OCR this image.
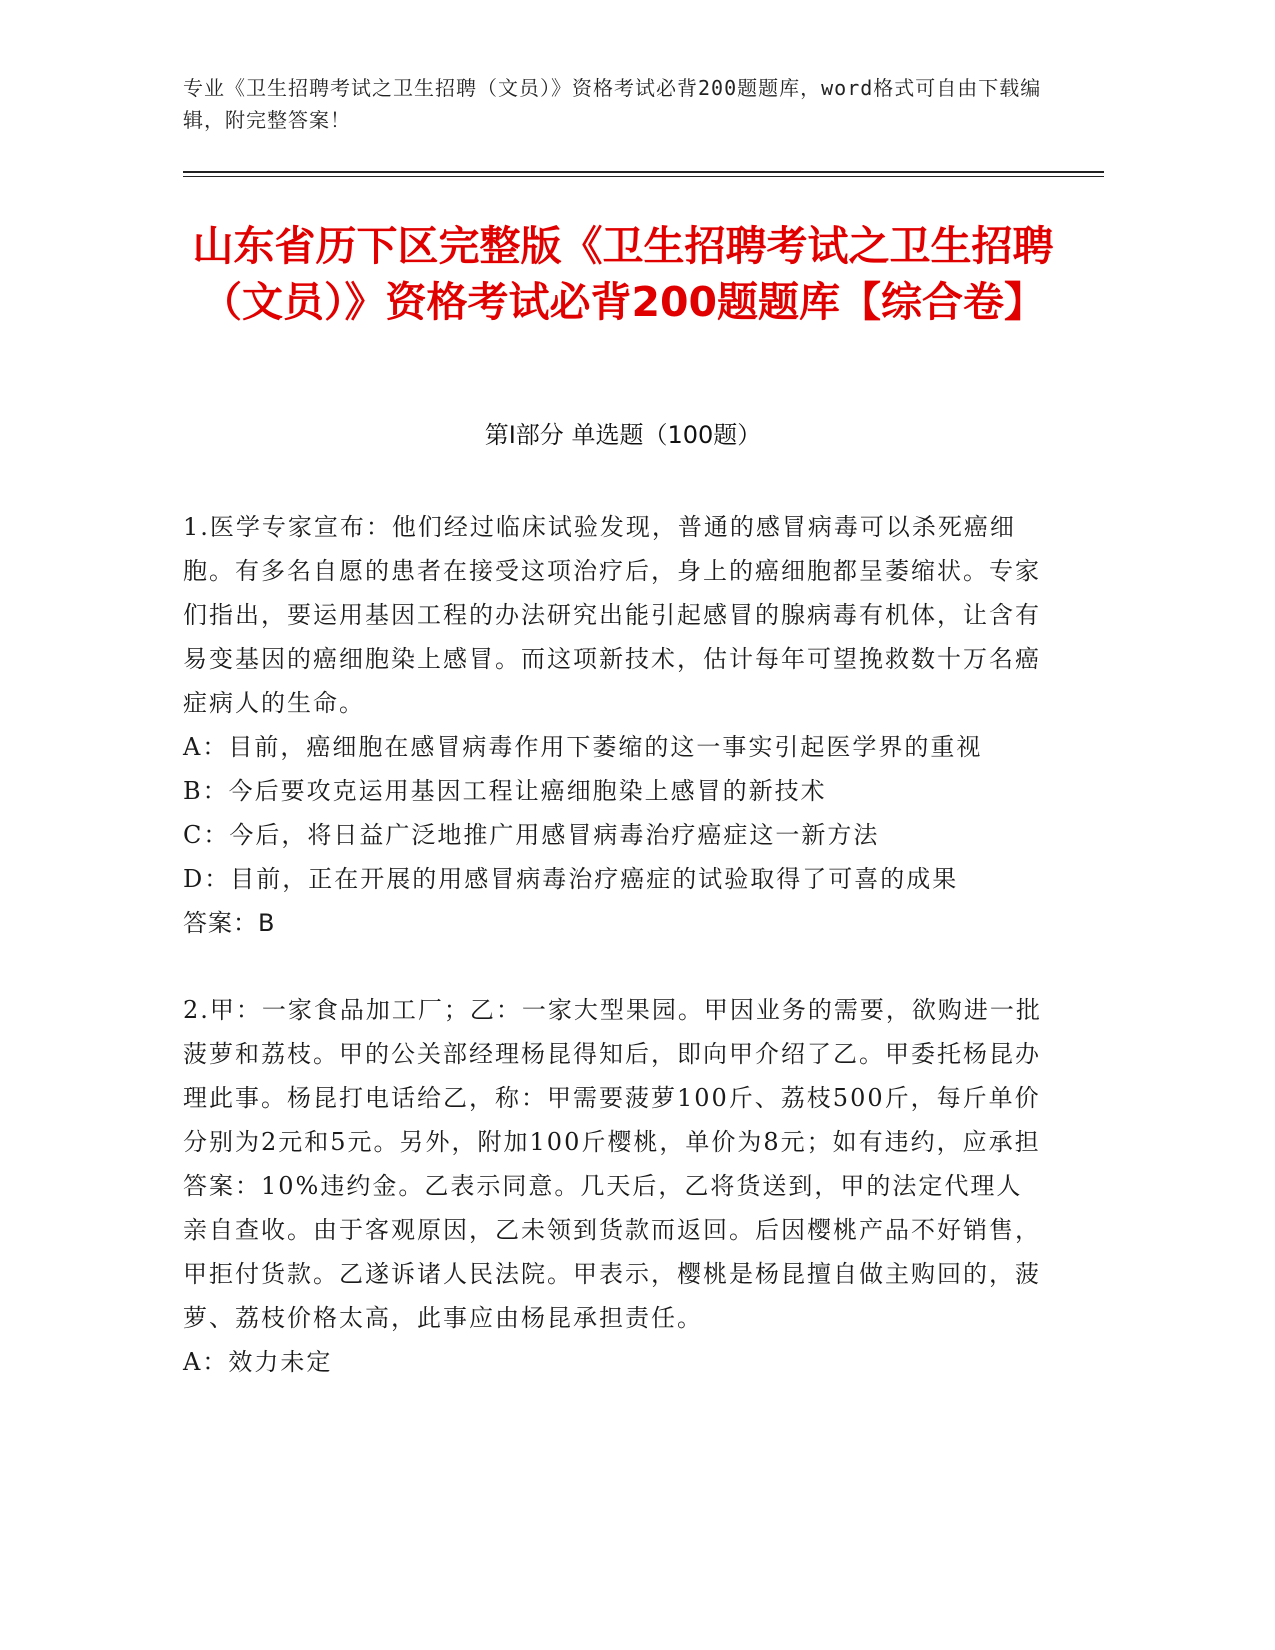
专业《卫生招聘考试之卫生招聘（文员）》资格考试必背200题题库，word格式可自由下载编辑，附完整答案！
山东省历下区完整版《卫生招聘考试之卫生招聘（文员）》资格考试必背200题题库【综合卷】
第Ⅰ部分 单选题（100题）

1.医学专家宣布：他们经过临床试验发现，普通的感冒病毒可以杀死癌细胞。有多名自愿的患者在接受这项治疗后，身上的癌细胞都呈萎缩状。专家们指出，要运用基因工程的办法研究出能引起感冒的腺病毒有机体，让含有易变基因的癌细胞染上感冒。而这项新技术，估计每年可望挽救数十万名癌症病人的生命。

A：目前，癌细胞在感冒病毒作用下萎缩的这一事实引起医学界的重视

B：今后要攻克运用基因工程让癌细胞染上感冒的新技术

C：今后，将日益广泛地推广用感冒病毒治疗癌症这一新方法

D：目前，正在开展的用感冒病毒治疗癌症的试验取得了可喜的成果

答案：B

2.甲：一家食品加工厂；乙：一家大型果园。甲因业务的需要，欲购进一批菠萝和荔枝。甲的公关部经理杨昆得知后，即向甲介绍了乙。甲委托杨昆办理此事。杨昆打电话给乙，称：甲需要菠萝100斤、荔枝500斤，每斤单价分别为2元和5元。另外，附加100斤樱桃，单价为8元；如有违约，应承担答案：10%违约金。乙表示同意。几天后，乙将货送到，甲的法定代理人亲自查收。由于客观原因，乙未领到货款而返回。后因樱桃产品不好销售，甲拒付货款。乙遂诉诸人民法院。甲表示，樱桃是杨昆擅自做主购回的，菠萝、荔枝价格太高，此事应由杨昆承担责任。

A：效力未定
